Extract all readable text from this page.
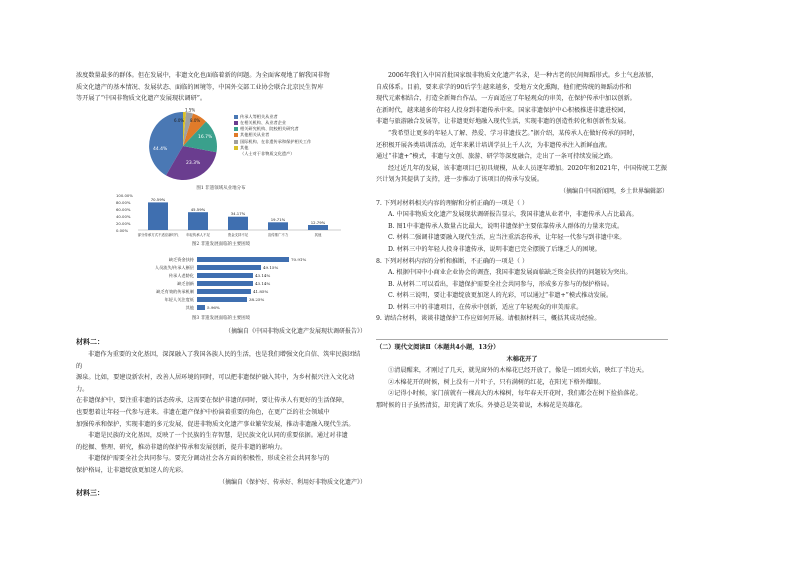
浓度数量最多的群体。但在发展中，非遗文化也面临着新的问题。为全面客观地了解我国非物

质文化遗产的基本情况、发展状态、面临的困境等，中国外交部工业协会联合北京民生智库

等开展了“中国非物质文化遗产发展现状调研”。

44.4%
23.3%
16.7%
8.0%
6.0%
1.5%
传承人等相关从业者
在相关机构、从业者企业
相关研究机构、院校相关研究者
其他相关从业者
国际机构、在非遗传承和保护相关工作
其他
（人士对于非物质文化遗产）
图1 非遗领域从业地分布
100.00%
80.00%
60.00%
40.00%
20.00%
0.00%
70.59%
45.59%
34.17%
19.71%
12.79%
部分传承方式不适应新时代 年轻传承人不足	资金支持不足	宣传推广不力	其他
图2 非遗发展面临的主要困境
缺乏资金扶持	70.91%
人员流失/传承人断层	49.15%
传承人老龄化	43.14%
缺乏创新	43.14%
缺乏有效的传承机制	41.85%
年轻人关注度低	38.25%
其他	5.96%
图3 非遗发展面临的主要困境

（摘编自《中国非物质文化遗产发展现状调研报告》）

材料二：

非遗作为重要的文化基因，深深融入了我国各族人民的生活，也是我们增强文化自信、筑牢民族团结的

源泉。比如，要建设新农村，改善人居环境的同时，可以把非遗保护融入其中，为乡村振兴注入文化动力。

在非遗保护中，要注重非遗的活态传承，这需要在保护非遗的同时，要让传承人有更好的生活保障，

也要想着让年轻一代参与进来。非遗在遗产保护中扮演着重要的角色，在更广泛的社会领域中

加强传承和保护，实现非遗的多元发展，促进非物质文化遗产事业繁荣发展，推动非遗融入现代生活。

非遗是民族的文化基因，反映了一个民族的生存智慧，是民族文化认同的重要依据。通过对非遗

的挖掘、整理、研究，推动非遗的保护传承和发展创新，提升非遗的影响力。

非遗保护需要全社会共同参与。要充分调动社会各方面的积极性，形成全社会共同参与的

保护格局，让非遗绽放更加迷人的光彩。

（摘编自《保护好、传承好、利用好非物质文化遗产》）

材料三：

2006年我们入中国首批国家级非物质文化遗产名录，是一种古老的民间舞蹈形式。乡土气息浓郁，

自成体系。目前，要来求学的90后学生越来越多，受地方文化熏陶，他们把传统的舞蹈动作和

现代元素相结合，打造全新舞台作品，一方面适应了年轻观众的审美，在保护传承中加以创新。

在新时代，越来越多的年轻人投身到非遗传承中来。国家非遗保护中心积极推进非遗进校园，

非遗与旅游融合发展等，让非遗更好地融入现代生活，实现非遗的创造性转化和创新性发展。

“我希望让更多的年轻人了解、热爱、学习非遗技艺。”据介绍，某传承人在做好传承的同时，

还积极开展各类培训活动，近年来累计培训学员上千人次，为非遗传承注入新鲜血液。

通过“非遗+”模式，非遗与文创、旅游、研学等深度融合，走出了一条可持续发展之路。

经过近几年的发展，该非遗项目已初具规模，从业人员逐年增加。2020年和2021年，中国传统工艺振兴计划为其提供了支持，进一步推动了该项目的传承与发展。

（摘编自中国新闻网，乡土世界编辑部）

7. 下列对材料相关内容的理解和分析正确的一项是（ ）

A. 中国非物质文化遗产发展现状调研报告显示，我国非遗从业者中，非遗传承人占比最高。

B. 图1中非遗传承人数量占比最大，说明非遗保护主要依靠传承人群体的力量来完成。

C. 材料二强调非遗要融入现代生活，应当注重活态传承，让年轻一代参与到非遗中来。

D. 材料三中的年轻人投身非遗传承，说明非遗已完全摆脱了后继乏人的困境。

8. 下列对材料内容的分析和推断，不正确的一项是（ ）

A. 根据中国中小商业企业协会的调查，我国非遗发展面临缺乏资金扶持的问题较为突出。

B. 从材料二可以看出，非遗保护需要全社会共同参与，形成多方参与的保护格局。

C. 材料三说明，要让非遗绽放更加迷人的光彩，可以通过“非遗+”模式推动发展。

D. 材料三中的非遗项目，在传承中创新，适应了年轻观众的审美需求。

9. 请结合材料，谈谈非遗保护工作应如何开展。请根据材料三，概括其成功经验。

（二）现代文阅读Ⅱ（本题共4小题，13分）

木棉花开了

①清晨醒来，才刚过了几天，就见窗外的木棉花已经开放了，像是一团团火焰，映红了半边天。

②木棉花开的时候，树上没有一片叶子，只有满树的红花，在阳光下格外耀眼。

②记得小时候，家门前就有一棵高大的木棉树，每年春天开花时，我们都会在树下捡拾落花。

那时候的日子虽然清贫，却充满了欢乐。外婆总是笑着说，木棉花是英雄花。
